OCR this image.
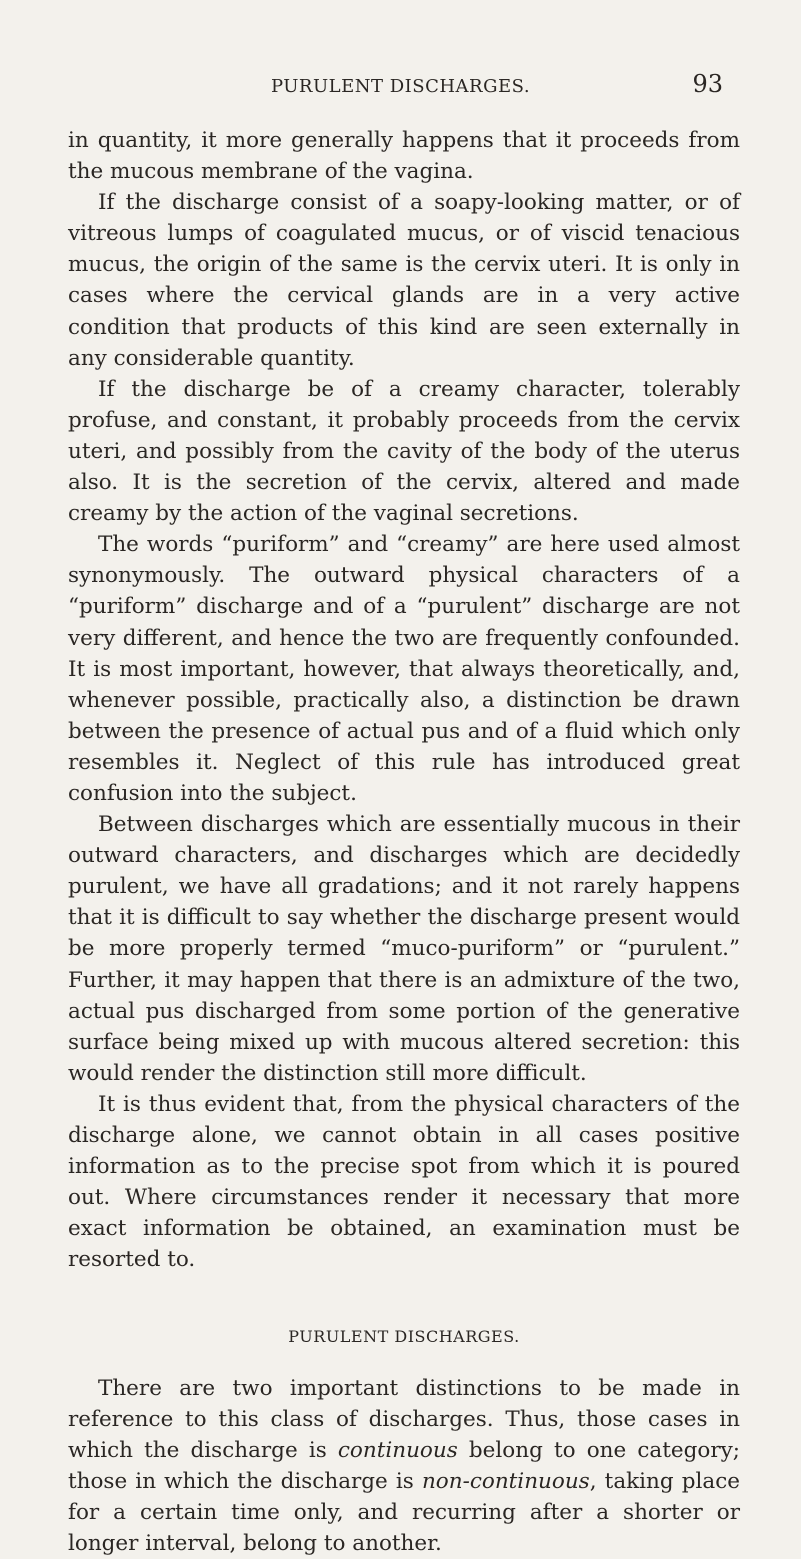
PURULENT DISCHARGES.	93

in quantity, it more generally happens that it proceeds from the mucous membrane of the vagina.

If the discharge consist of a soapy-looking matter, or of vitreous lumps of coagulated mucus, or of viscid tenacious mucus, the origin of the same is the cervix uteri. It is only in cases where the cervical glands are in a very active condition that products of this kind are seen externally in any considerable quantity.

If the discharge be of a creamy character, tolerably profuse, and constant, it probably proceeds from the cervix uteri, and possibly from the cavity of the body of the uterus also. It is the secretion of the cervix, altered and made creamy by the action of the vaginal secretions.

The words “puriform” and “creamy” are here used almost synonymously. The outward physical characters of a “puriform” discharge and of a “purulent” discharge are not very different, and hence the two are frequently confounded. It is most important, however, that always theoretically, and, whenever possible, practically also, a distinction be drawn between the presence of actual pus and of a fluid which only resembles it. Neglect of this rule has introduced great confusion into the subject.

Between discharges which are essentially mucous in their outward characters, and discharges which are decidedly purulent, we have all gradations; and it not rarely happens that it is difficult to say whether the discharge present would be more properly termed “muco-puriform” or “purulent.” Further, it may happen that there is an admixture of the two, actual pus discharged from some portion of the generative surface being mixed up with mucous altered secretion: this would render the distinction still more difficult.

It is thus evident that, from the physical characters of the discharge alone, we cannot obtain in all cases positive information as to the precise spot from which it is poured out. Where circumstances render it necessary that more exact information be obtained, an examination must be resorted to.

PURULENT DISCHARGES.

There are two important distinctions to be made in reference to this class of discharges. Thus, those cases in which the discharge is continuous belong to one category; those in which the discharge is non-continuous, taking place for a certain time only, and recurring after a shorter or longer interval, belong to another.
